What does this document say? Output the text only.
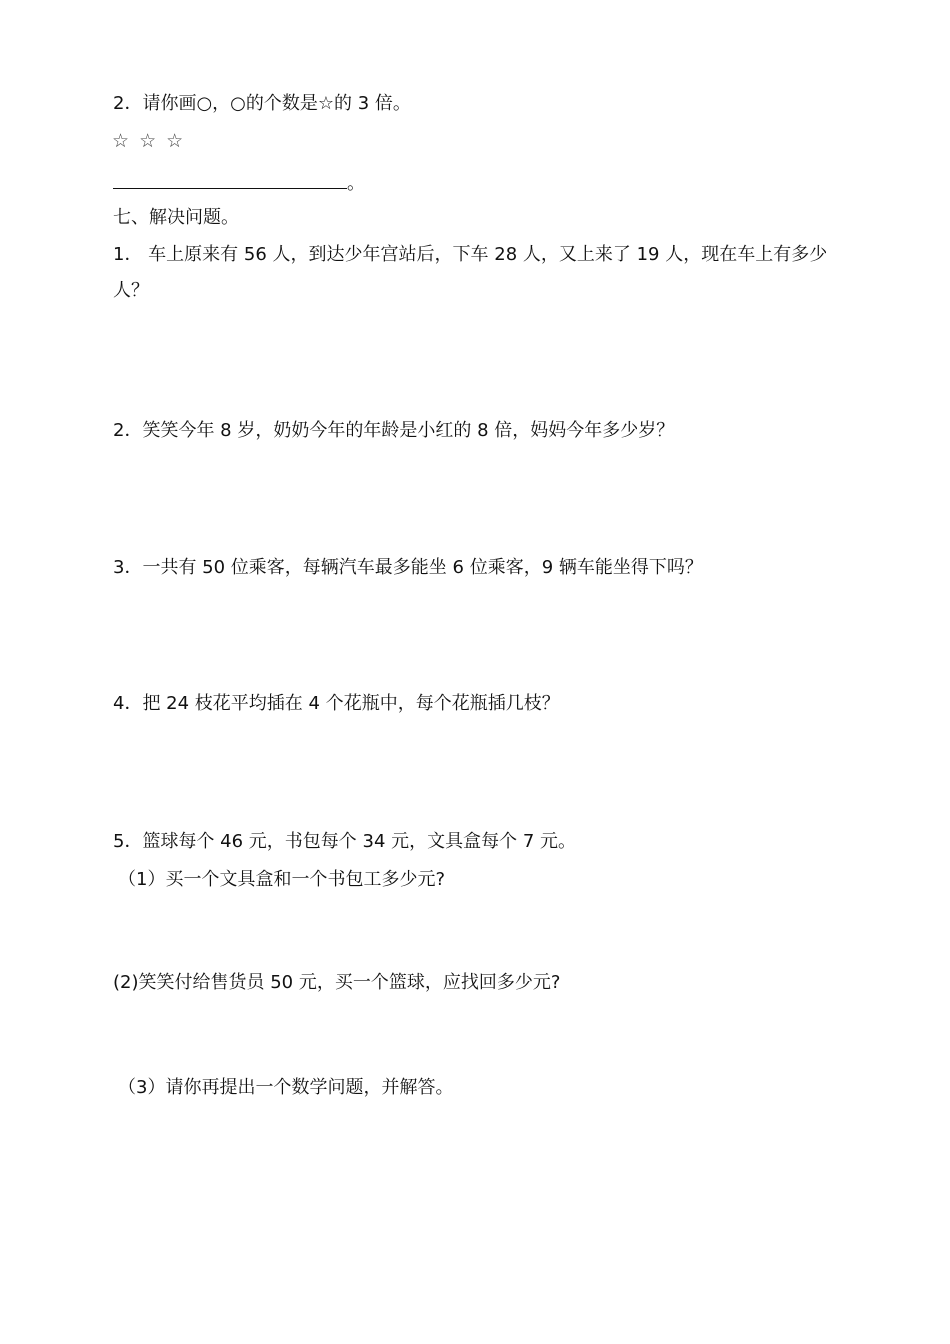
2．请你画○，○的个数是☆的 3 倍。
☆ ☆ ☆
。
七、解决问题。
1． 车上原来有 56 人，到达少年宫站后，下车 28 人，又上来了 19 人，现在车上有多少人？
2．笑笑今年 8 岁，奶奶今年的年龄是小红的 8 倍，妈妈今年多少岁？
3．一共有 50 位乘客，每辆汽车最多能坐 6 位乘客，9 辆车能坐得下吗？
4．把 24 枝花平均插在 4 个花瓶中，每个花瓶插几枝？
5．篮球每个 46 元，书包每个 34 元，文具盒每个 7 元。
（1）买一个文具盒和一个书包工多少元?
(2)笑笑付给售货员 50 元，买一个篮球，应找回多少元?
（3）请你再提出一个数学问题，并解答。
